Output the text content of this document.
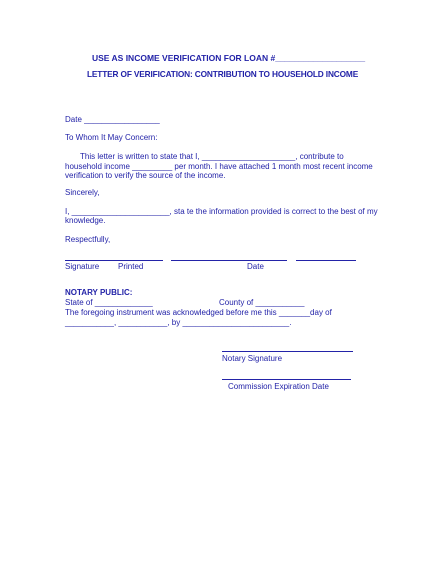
USE AS INCOME VERIFICATION FOR LOAN #___________________
LETTER OF VERIFICATION: CONTRIBUTION TO HOUSEHOLD INCOME
Date _________________
To Whom It May Concern:
This letter is written to state that I, _____________________, contribute to
household income _________ per month. I have attached 1 month most recent income
verification to verify the source of the income.
Sincerely,
I, ______________________, sta te the information provided is correct to the best of my
knowledge.
Respectfully,
Signature Printed	Date
NOTARY PUBLIC:
State of _____________	County of ___________
The foregoing instrument was acknowledged before me this _______day of
___________, ___________, by ________________________.
Notary Signature
Commission Expiration Date
